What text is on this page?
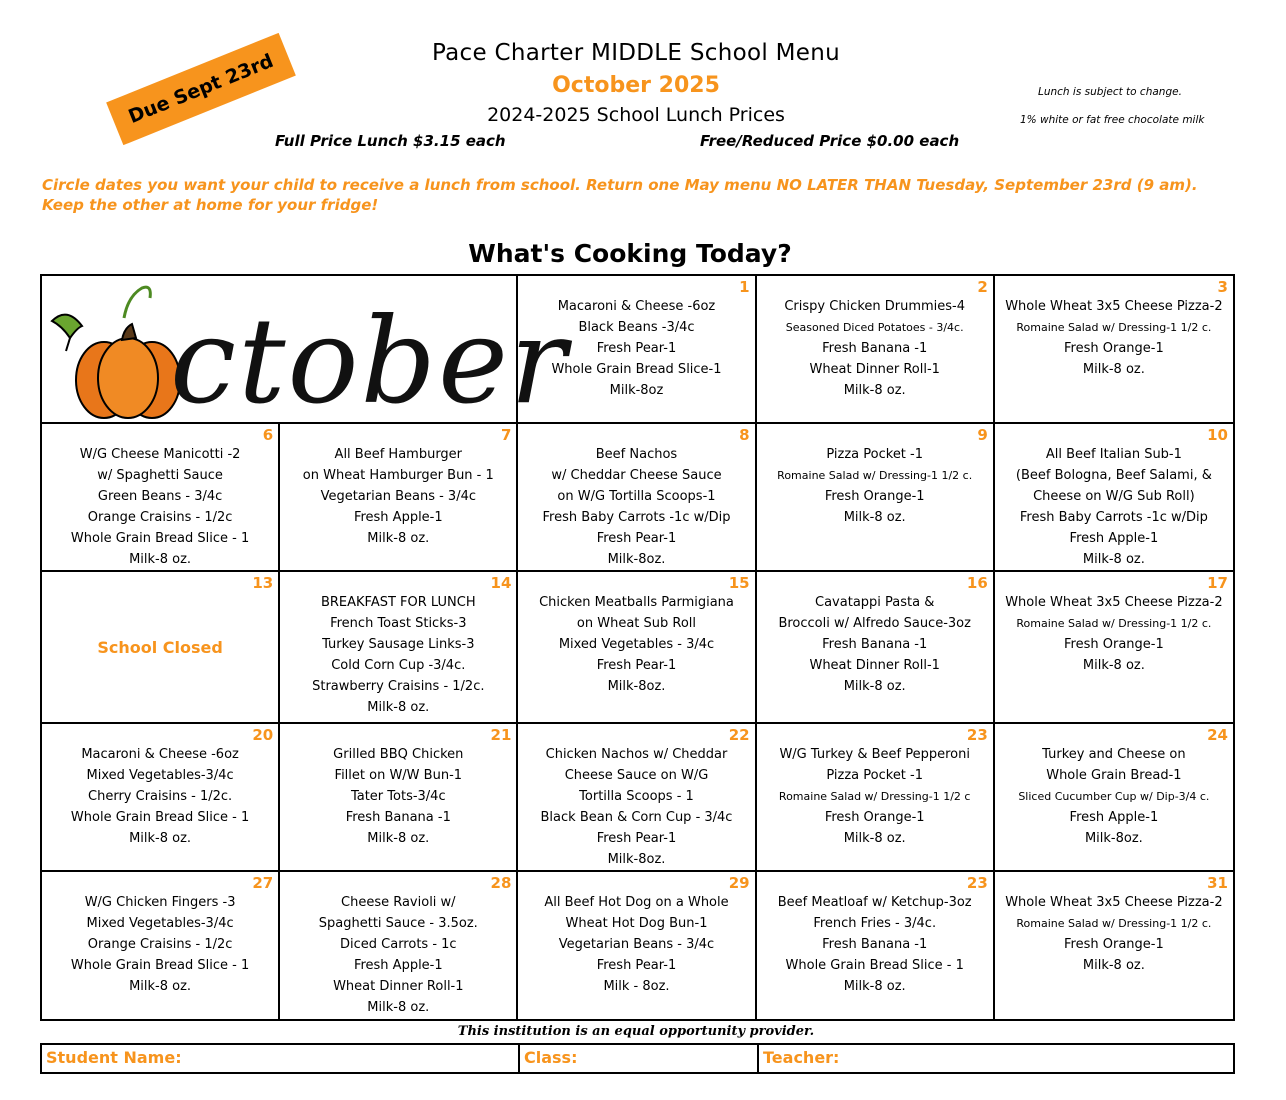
Pace Charter MIDDLE School Menu
October 2025
2024-2025 School Lunch Prices
Full Price Lunch $3.15 each	Free/Reduced Price $0.00 each
Lunch is subject to change.
1% white or fat free chocolate milk
Due Sept 23rd
Circle dates you want your child to receive a lunch from school. Return one May menu NO LATER THAN Tuesday, September 23rd (9 am). Keep the other at home for your fridge!
What's Cooking Today?
ctober
1
Macaroni & Cheese -6oz
Black Beans -3/4c
Fresh Pear-1
Whole Grain Bread Slice-1
Milk-8oz
2
Crispy Chicken Drummies-4
Seasoned Diced Potatoes - 3/4c.
Fresh Banana -1
Wheat Dinner Roll-1
Milk-8 oz.
3
Whole Wheat 3x5 Cheese Pizza-2
Romaine Salad w/ Dressing-1 1/2 c.
Fresh Orange-1
Milk-8 oz.
6
W/G Cheese Manicotti -2
w/ Spaghetti Sauce
Green Beans - 3/4c
Orange Craisins - 1/2c
Whole Grain Bread Slice - 1
Milk-8 oz.
7
All Beef Hamburger
on Wheat Hamburger Bun - 1
Vegetarian Beans - 3/4c
Fresh Apple-1
Milk-8 oz.
8
Beef Nachos
w/ Cheddar Cheese Sauce
on W/G Tortilla Scoops-1
Fresh Baby Carrots -1c w/Dip
Fresh Pear-1
Milk-8oz.
9
Pizza Pocket -1
Romaine Salad w/ Dressing-1 1/2 c.
Fresh Orange-1
Milk-8 oz.
10
All Beef Italian Sub-1
(Beef Bologna, Beef Salami, &
Cheese on W/G Sub Roll)
Fresh Baby Carrots -1c w/Dip
Fresh Apple-1
Milk-8 oz.
13
School Closed
14
BREAKFAST FOR LUNCH
French Toast Sticks-3
Turkey Sausage Links-3
Cold Corn Cup -3/4c.
Strawberry Craisins - 1/2c.
Milk-8 oz.
15
Chicken Meatballs Parmigiana
on Wheat Sub Roll
Mixed Vegetables - 3/4c
Fresh Pear-1
Milk-8oz.
16
Cavatappi Pasta &
Broccoli w/ Alfredo Sauce-3oz
Fresh Banana -1
Wheat Dinner Roll-1
Milk-8 oz.
17
Whole Wheat 3x5 Cheese Pizza-2
Romaine Salad w/ Dressing-1 1/2 c.
Fresh Orange-1
Milk-8 oz.
20
Macaroni & Cheese -6oz
Mixed Vegetables-3/4c
Cherry Craisins - 1/2c.
Whole Grain Bread Slice - 1
Milk-8 oz.
21
Grilled BBQ Chicken
Fillet on W/W Bun-1
Tater Tots-3/4c
Fresh Banana -1
Milk-8 oz.
22
Chicken Nachos w/ Cheddar
Cheese Sauce on W/G
Tortilla Scoops - 1
Black Bean & Corn Cup - 3/4c
Fresh Pear-1
Milk-8oz.
23
W/G Turkey & Beef Pepperoni
Pizza Pocket -1
Romaine Salad w/ Dressing-1 1/2 c
Fresh Orange-1
Milk-8 oz.
24
Turkey and Cheese on
Whole Grain Bread-1
Sliced Cucumber Cup w/ Dip-3/4 c.
Fresh Apple-1
Milk-8oz.
27
W/G Chicken Fingers -3
Mixed Vegetables-3/4c
Orange Craisins - 1/2c
Whole Grain Bread Slice - 1
Milk-8 oz.
28
Cheese Ravioli w/
Spaghetti Sauce - 3.5oz.
Diced Carrots - 1c
Fresh Apple-1
Wheat Dinner Roll-1
Milk-8 oz.
29
All Beef Hot Dog on a Whole
Wheat Hot Dog Bun-1
Vegetarian Beans - 3/4c
Fresh Pear-1
Milk - 8oz.
23
Beef Meatloaf w/ Ketchup-3oz
French Fries - 3/4c.
Fresh Banana -1
Whole Grain Bread Slice - 1
Milk-8 oz.
31
Whole Wheat 3x5 Cheese Pizza-2
Romaine Salad w/ Dressing-1 1/2 c.
Fresh Orange-1
Milk-8 oz.
This institution is an equal opportunity provider.
Student Name:	Class:	Teacher:
